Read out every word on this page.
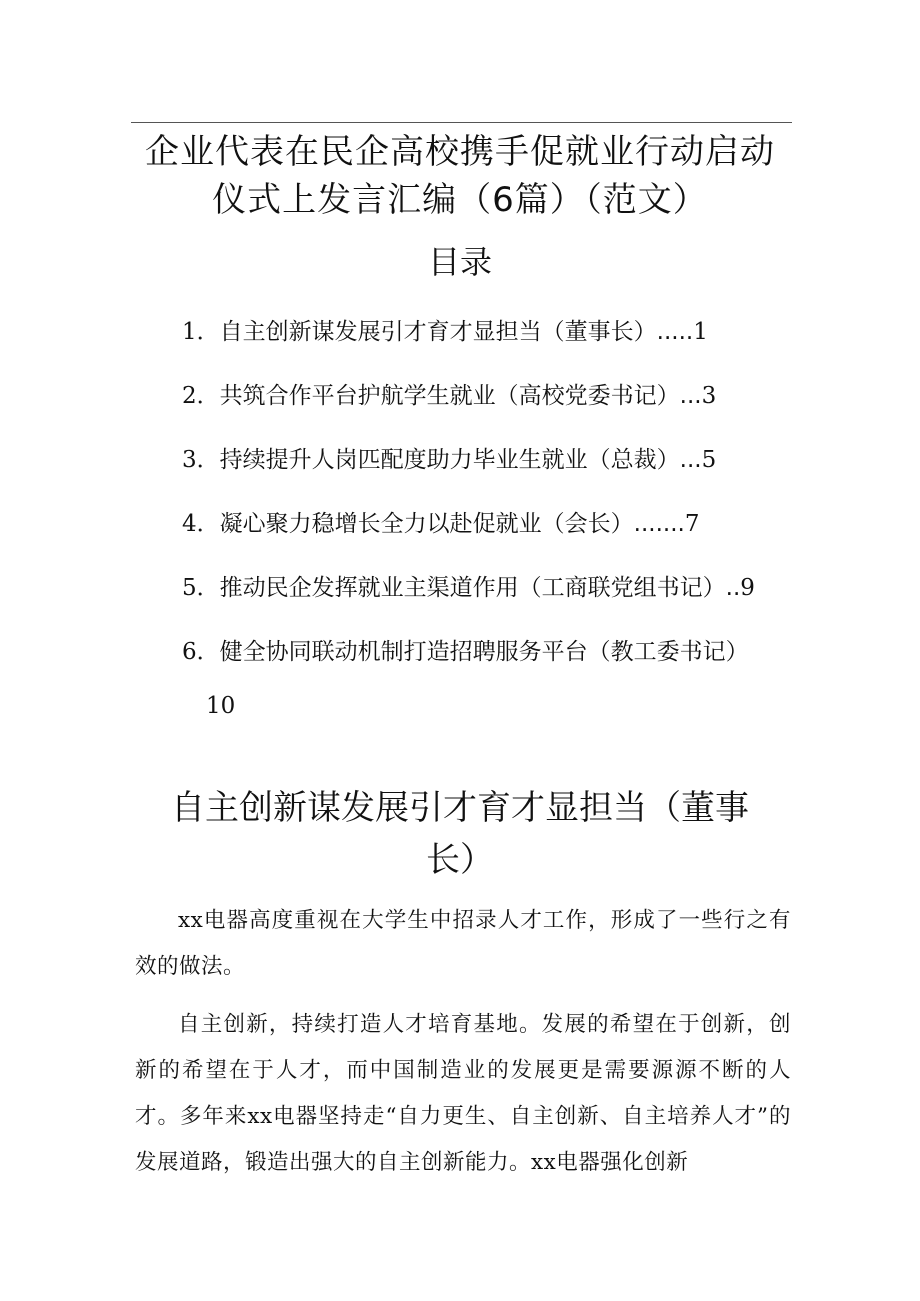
企业代表在民企高校携手促就业行动启动
仪式上发言汇编（6篇）（范文）
目录
1．自主创新谋发展引才育才显担当（董事长）.....1
2．共筑合作平台护航学生就业（高校党委书记）...3
3．持续提升人岗匹配度助力毕业生就业（总裁）...5
4．凝心聚力稳增长全力以赴促就业（会长）.......7
5．推动民企发挥就业主渠道作用（工商联党组书记）..9
6．健全协同联动机制打造招聘服务平台（教工委书记）
10
自主创新谋发展引才育才显担当（董事
长）

xx电器高度重视在大学生中招录人才工作，形成了一些行之有效的做法。

自主创新，持续打造人才培育基地。发展的希望在于创新，创新的希望在于人才，而中国制造业的发展更是需要源源不断的人才。多年来xx电器坚持走“自力更生、自主创新、自主培养人才”的发展道路，锻造出强大的自主创新能力。xx电器强化创新
